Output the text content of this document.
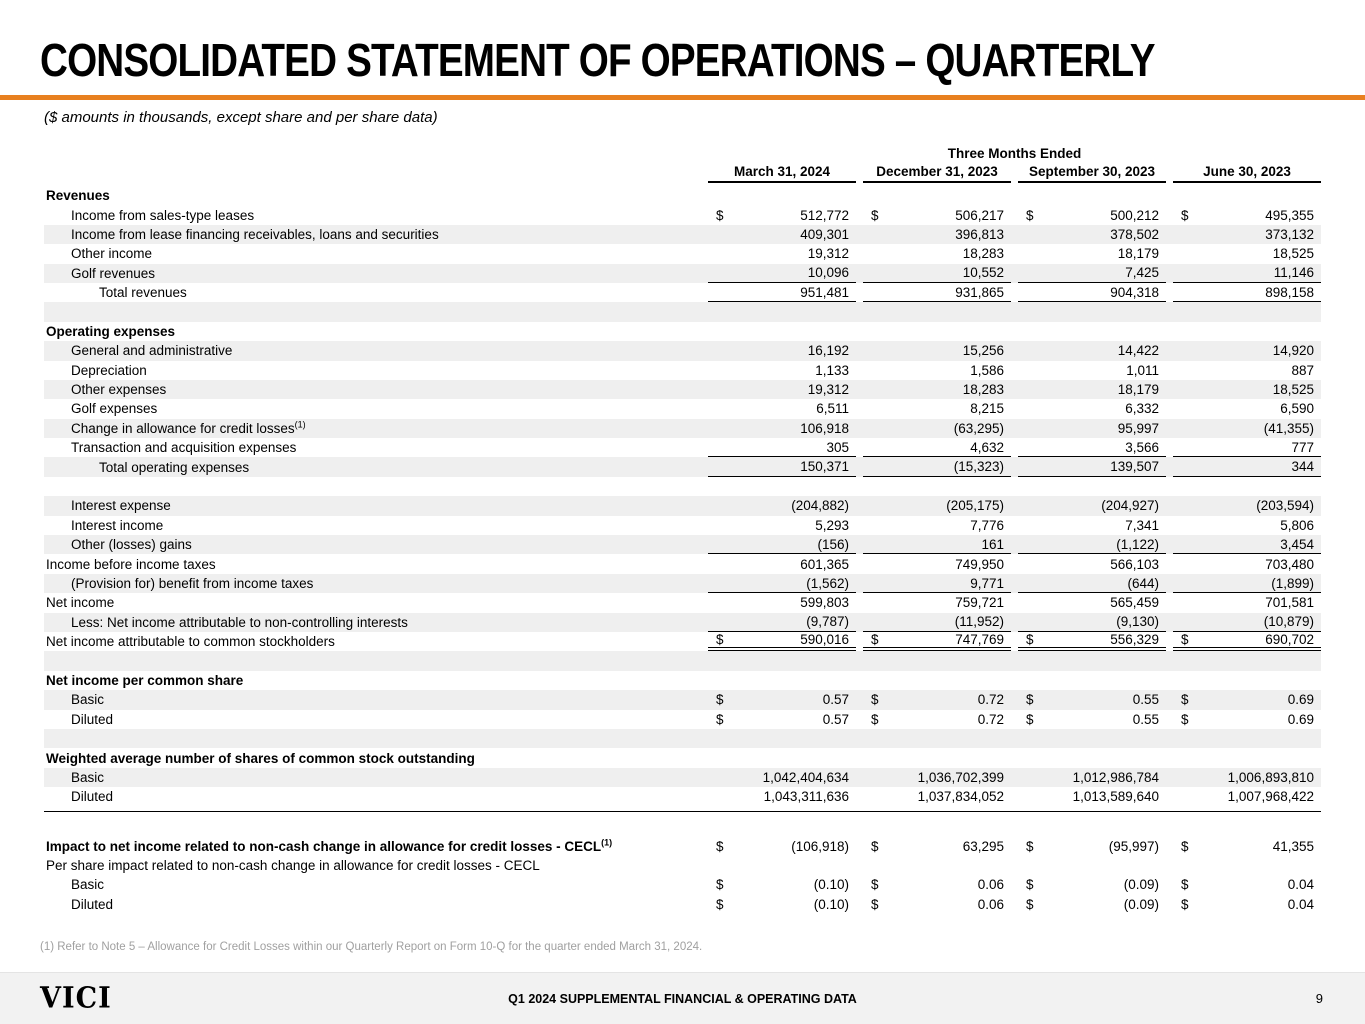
CONSOLIDATED STATEMENT OF OPERATIONS – QUARTERLY
($ amounts in thousands, except share and per share data)
Three Months Ended
March 31, 2024	December 31, 2023	September 30, 2023	June 30, 2023
Revenues
Income from sales-type leases	$	512,772 $	506,217 $	500,212 $	495,355
Income from lease financing receivables, loans and securities	409,301	396,813	378,502	373,132
Other income	19,312	18,283	18,179	18,525
Golf revenues	10,096	10,552	7,425	11,146
Total revenues	951,481	931,865	904,318	898,158
Operating expenses
General and administrative	16,192	15,256	14,422	14,920
Depreciation	1,133	1,586	1,011	887
Other expenses	19,312	18,283	18,179	18,525
Golf expenses	6,511	8,215	6,332	6,590
Change in allowance for credit losses$^{(1)}$	106,918	(63,295)	95,997	(41,355)
Transaction and acquisition expenses	305	4,632	3,566	777
Total operating expenses	150,371	(15,323)	139,507	344
Interest expense	(204,882)	(205,175)	(204,927)	(203,594)
Interest income	5,293	7,776	7,341	5,806
Other (losses) gains	(156)	161	(1,122)	3,454
Income before income taxes	601,365	749,950	566,103	703,480
(Provision for) benefit from income taxes	(1,562)	9,771	(644)	(1,899)
Net income	599,803	759,721	565,459	701,581
Less: Net income attributable to non-controlling interests	(9,787)	(11,952)	(9,130)	(10,879)
Net income attributable to common stockholders	$	590,016 $	747,769 $	556,329 $	690,702
Net income per common share
Basic	$	0.57 $	0.72 $	0.55 $	0.69
Diluted	$	0.57 $	0.72 $	0.55 $	0.69
Weighted average number of shares of common stock outstanding
Basic	1,042,404,634	1,036,702,399	1,012,986,784	1,006,893,810
Diluted	1,043,311,636	1,037,834,052	1,013,589,640	1,007,968,422
Impact to net income related to non-cash change in allowance for credit losses - CECL$^{(1)}$	$	(106,918) $	63,295 $	(95,997) $	41,355
Per share impact related to non-cash change in allowance for credit losses - CECL
Basic	$	(0.10) $	0.06 $	(0.09) $	0.04
Diluted	$	(0.10) $	0.06 $	(0.09) $	0.04
(1) Refer to Note 5 – Allowance for Credit Losses within our Quarterly Report on Form 10-Q for the quarter ended March 31, 2024.
VICI	Q1 2024 SUPPLEMENTAL FINANCIAL & OPERATING DATA	9
